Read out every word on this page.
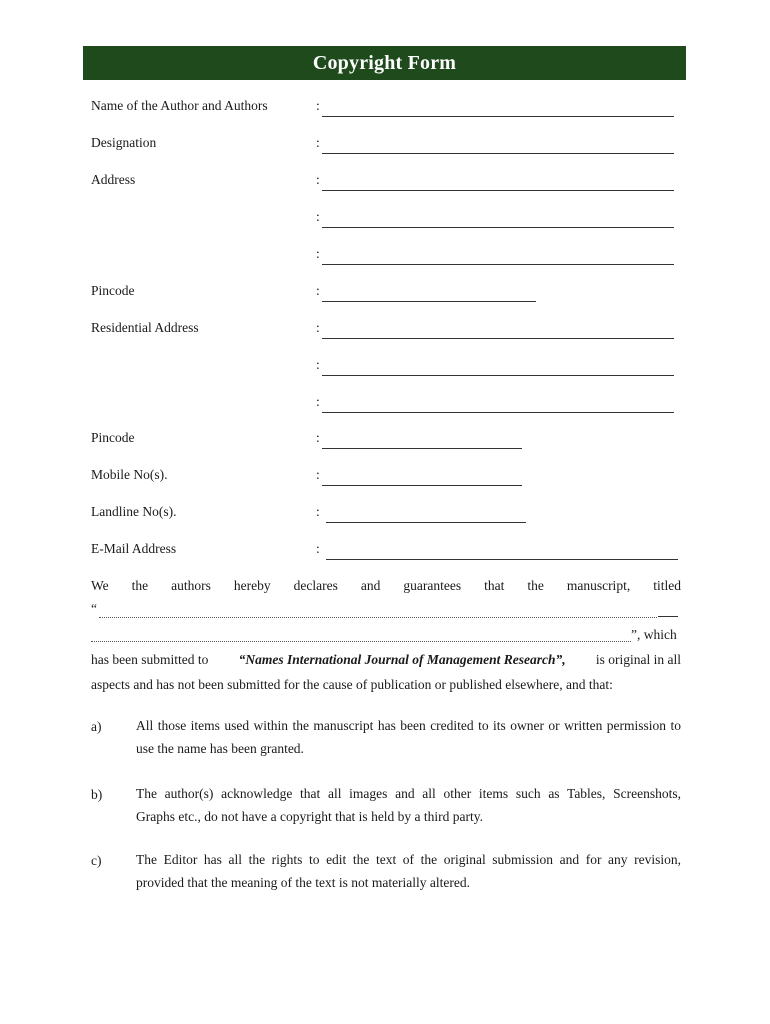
Copyright Form
Name of the Author and Authors	:
Designation	:
Address	:
:
:
Pincode	:
Residential Address	:
:
:
Pincode	:
Mobile No(s).	:
Landline No(s).	:
E-Mail Address	:
We the authors hereby declares and guarantees that the manuscript, titled
“
”, which
has been submitted to “Names International Journal of Management Research”, is original in all
aspects and has not been submitted for the cause of publication or published elsewhere, and that:
a)	All those items used within the manuscript has been credited to its owner or written permission to
use the name has been granted.
b)	The author(s) acknowledge that all images and all other items such as Tables, Screenshots,
Graphs etc., do not have a copyright that is held by a third party.
c)	The Editor has all the rights to edit the text of the original submission and for any revision,
provided that the meaning of the text is not materially altered.
